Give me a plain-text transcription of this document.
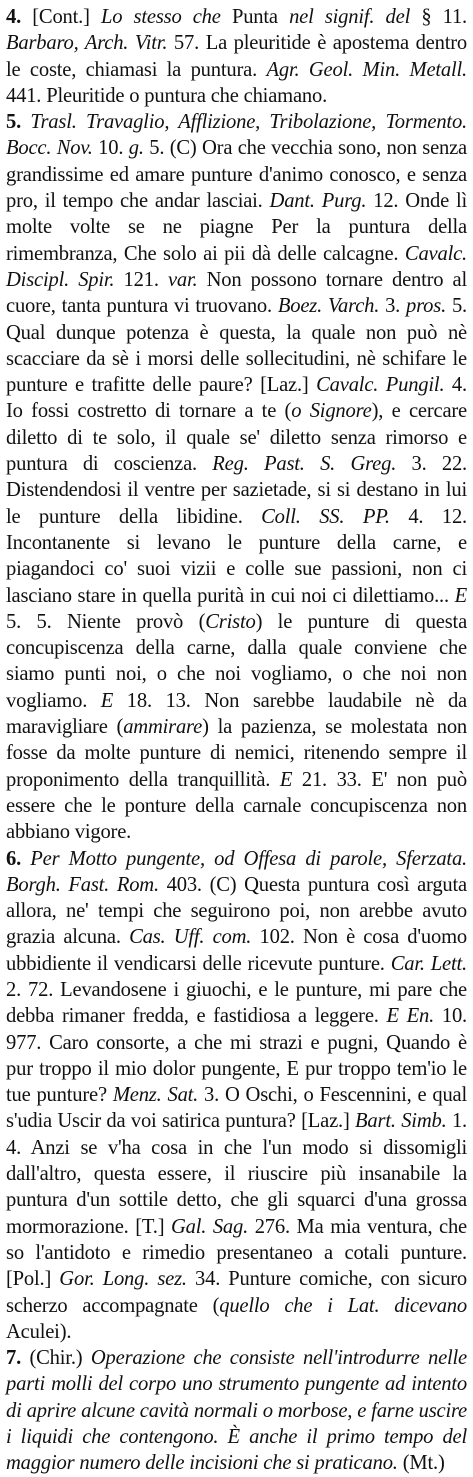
4. [Cont.] Lo stesso che Punta nel signif. del § 11. Barbaro, Arch. Vitr. 57. La pleuritide è apostema dentro le coste, chiamasi la puntura. Agr. Geol. Min. Metall. 441. Pleuritide o puntura che chiamano.

5. Trasl. Travaglio, Afflizione, Tribolazione, Tormento. Bocc. Nov. 10. g. 5. (C) Ora che vecchia sono, non senza grandissime ed amare punture d'animo conosco, e senza pro, il tempo che andar lasciai. Dant. Purg. 12. Onde lì molte volte se ne piagne Per la puntura della rimembranza, Che solo ai pii dà delle calcagne. Cavalc. Discipl. Spir. 121. var. Non possono tornare dentro al cuore, tanta puntura vi truovano. Boez. Varch. 3. pros. 5. Qual dunque potenza è questa, la quale non può nè scacciare da sè i morsi delle sollecitudini, nè schifare le punture e trafitte delle paure? [Laz.] Cavalc. Pungil. 4. Io fossi costretto di tornare a te (o Signore), e cercare diletto di te solo, il quale se' diletto senza rimorso e puntura di coscienza. Reg. Past. S. Greg. 3. 22. Distendendosi il ventre per sazietade, si si destano in lui le punture della libidine. Coll. SS. PP. 4. 12. Incontanente si levano le punture della carne, e piagandoci co' suoi vizii e colle sue passioni, non ci lasciano stare in quella purità in cui noi ci dilettiamo... E 5. 5. Niente provò (Cristo) le punture di questa concupiscenza della carne, dalla quale conviene che siamo punti noi, o che noi vogliamo, o che noi non vogliamo. E 18. 13. Non sarebbe laudabile nè da maravigliare (ammirare) la pazienza, se molestata non fosse da molte punture di nemici, ritenendo sempre il proponimento della tranquillità. E 21. 33. E' non può essere che le ponture della carnale concupiscenza non abbiano vigore.

6. Per Motto pungente, od Offesa di parole, Sferzata. Borgh. Fast. Rom. 403. (C) Questa puntura così arguta allora, ne' tempi che seguirono poi, non arebbe avuto grazia alcuna. Cas. Uff. com. 102. Non è cosa d'uomo ubbidiente il vendicarsi delle ricevute punture. Car. Lett. 2. 72. Levandosene i giuochi, e le punture, mi pare che debba rimaner fredda, e fastidiosa a leggere. E En. 10. 977. Caro consorte, a che mi strazi e pugni, Quando è pur troppo il mio dolor pungente, E pur troppo tem'io le tue punture? Menz. Sat. 3. O Oschi, o Fescennini, e qual s'udia Uscir da voi satirica puntura? [Laz.] Bart. Simb. 1. 4. Anzi se v'ha cosa in che l'un modo si dissomigli dall'altro, questa essere, il riuscire più insanabile la puntura d'un sottile detto, che gli squarci d'una grossa mormorazione. [T.] Gal. Sag. 276. Ma mia ventura, che so l'antidoto e rimedio presentaneo a cotali punture. [Pol.] Gor. Long. sez. 34. Punture comiche, con sicuro scherzo accompagnate (quello che i Lat. dicevano Aculei).

7. (Chir.) Operazione che consiste nell'introdurre nelle parti molli del corpo uno strumento pungente ad intento di aprire alcune cavità normali o morbose, e farne uscire i liquidi che contengono. È anche il primo tempo del maggior numero delle incisioni che si praticano. (Mt.)
